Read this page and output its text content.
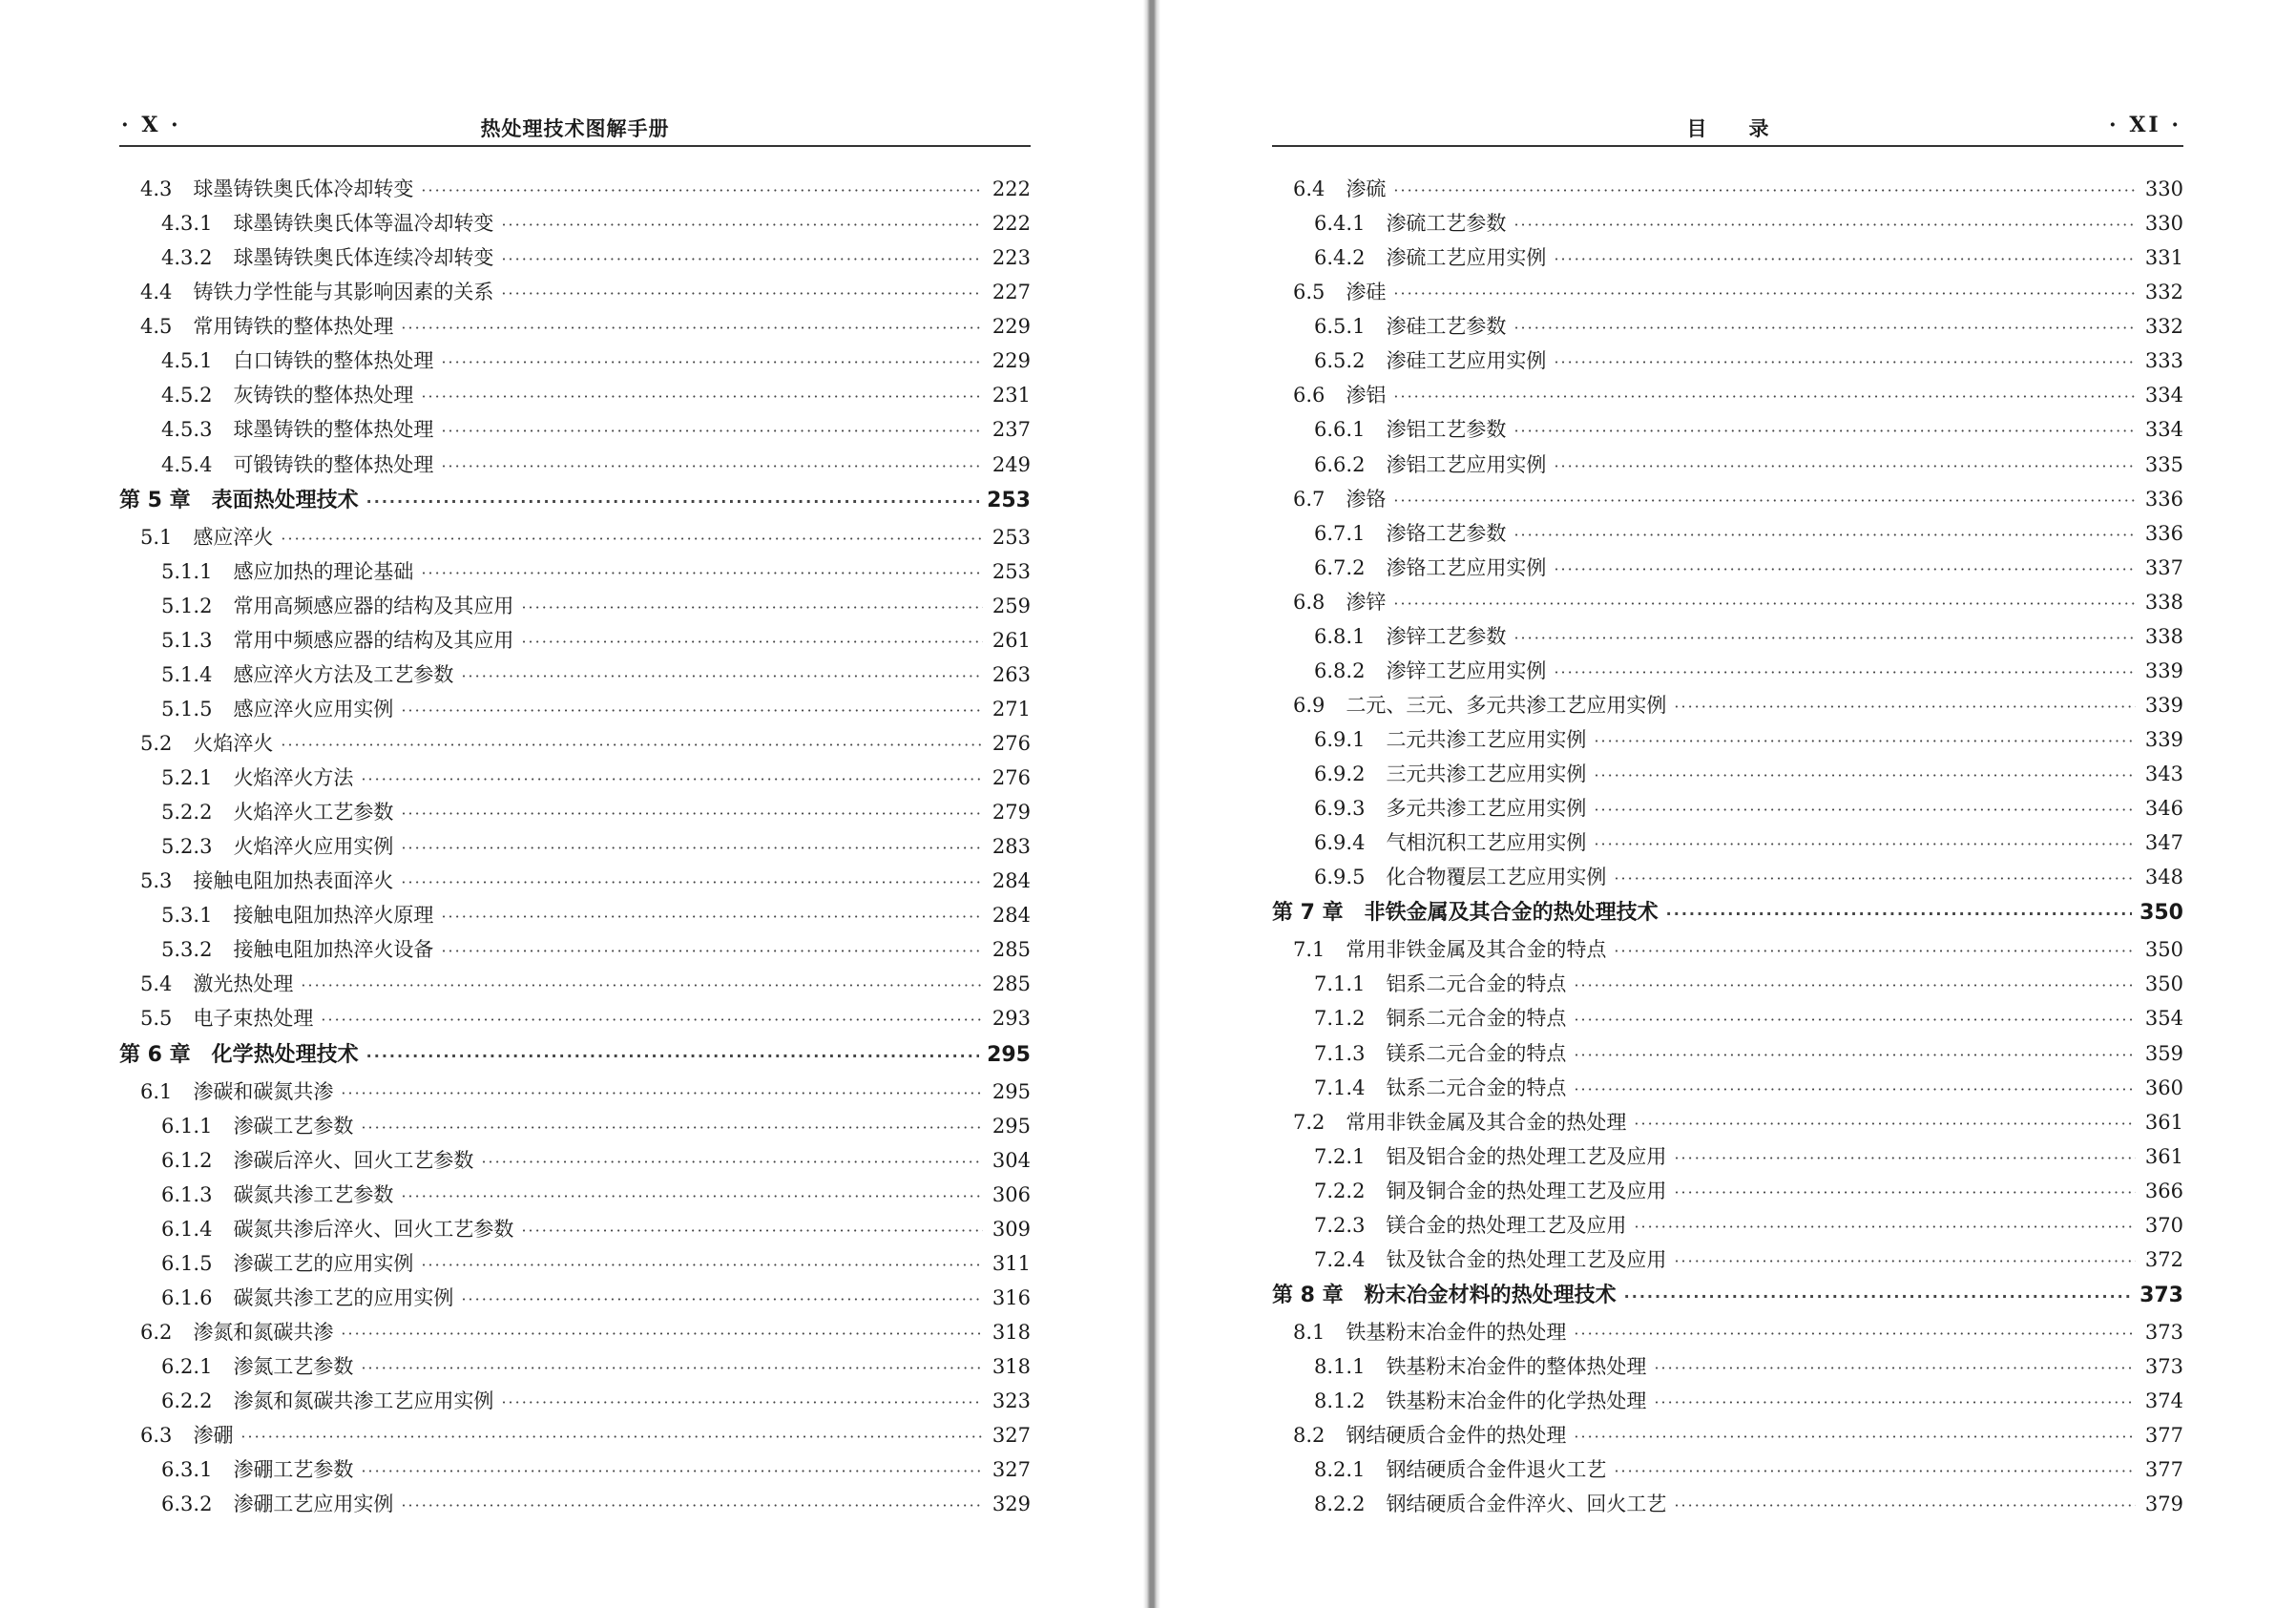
· X ·	热处理技术图解手册
4.3 球墨铸铁奥氏体冷却转变 ·····	222
4.3.1 球墨铸铁奥氏体等温冷却转变 ·····	222
4.3.2 球墨铸铁奥氏体连续冷却转变 ·····	223
4.4 铸铁力学性能与其影响因素的关系 ·····	227
4.5 常用铸铁的整体热处理 ·····	229
4.5.1 白口铸铁的整体热处理 ·····	229
4.5.2 灰铸铁的整体热处理 ·····	231
4.5.3 球墨铸铁的整体热处理 ·····	237
4.5.4 可锻铸铁的整体热处理 ·····	249
第 5 章 表面热处理技术 ·····	253
5.1 感应淬火 ·····	253
5.1.1 感应加热的理论基础 ·····	253
5.1.2 常用高频感应器的结构及其应用 ·····	259
5.1.3 常用中频感应器的结构及其应用 ·····	261
5.1.4 感应淬火方法及工艺参数 ·····	263
5.1.5 感应淬火应用实例 ·····	271
5.2 火焰淬火 ·····	276
5.2.1 火焰淬火方法 ·····	276
5.2.2 火焰淬火工艺参数 ·····	279
5.2.3 火焰淬火应用实例 ·····	283
5.3 接触电阻加热表面淬火 ·····	284
5.3.1 接触电阻加热淬火原理 ·····	284
5.3.2 接触电阻加热淬火设备 ·····	285
5.4 激光热处理 ·····	285
5.5 电子束热处理 ·····	293
第 6 章 化学热处理技术 ·····	295
6.1 渗碳和碳氮共渗 ·····	295
6.1.1 渗碳工艺参数 ·····	295
6.1.2 渗碳后淬火、回火工艺参数 ·····	304
6.1.3 碳氮共渗工艺参数 ·····	306
6.1.4 碳氮共渗后淬火、回火工艺参数 ·····	309
6.1.5 渗碳工艺的应用实例 ·····	311
6.1.6 碳氮共渗工艺的应用实例 ·····	316
6.2 渗氮和氮碳共渗 ·····	318
6.2.1 渗氮工艺参数 ·····	318
6.2.2 渗氮和氮碳共渗工艺应用实例 ·····	323
6.3 渗硼 ·····	327
6.3.1 渗硼工艺参数 ·····	327
6.3.2 渗硼工艺应用实例 ·····	329
目录	· XI ·
6.4 渗硫 ·····	330
6.4.1 渗硫工艺参数 ·····	330
6.4.2 渗硫工艺应用实例 ·····	331
6.5 渗硅 ·····	332
6.5.1 渗硅工艺参数 ·····	332
6.5.2 渗硅工艺应用实例 ·····	333
6.6 渗铝 ·····	334
6.6.1 渗铝工艺参数 ·····	334
6.6.2 渗铝工艺应用实例 ·····	335
6.7 渗铬 ·····	336
6.7.1 渗铬工艺参数 ·····	336
6.7.2 渗铬工艺应用实例 ·····	337
6.8 渗锌 ·····	338
6.8.1 渗锌工艺参数 ·····	338
6.8.2 渗锌工艺应用实例 ·····	339
6.9 二元、三元、多元共渗工艺应用实例 ·····	339
6.9.1 二元共渗工艺应用实例 ·····	339
6.9.2 三元共渗工艺应用实例 ·····	343
6.9.3 多元共渗工艺应用实例 ·····	346
6.9.4 气相沉积工艺应用实例 ·····	347
6.9.5 化合物覆层工艺应用实例 ·····	348
第 7 章 非铁金属及其合金的热处理技术 ·····	350
7.1 常用非铁金属及其合金的特点 ·····	350
7.1.1 铝系二元合金的特点 ·····	350
7.1.2 铜系二元合金的特点 ·····	354
7.1.3 镁系二元合金的特点 ·····	359
7.1.4 钛系二元合金的特点 ·····	360
7.2 常用非铁金属及其合金的热处理 ·····	361
7.2.1 铝及铝合金的热处理工艺及应用 ·····	361
7.2.2 铜及铜合金的热处理工艺及应用 ·····	366
7.2.3 镁合金的热处理工艺及应用 ·····	370
7.2.4 钛及钛合金的热处理工艺及应用 ·····	372
第 8 章 粉末冶金材料的热处理技术 ·····	373
8.1 铁基粉末冶金件的热处理 ·····	373
8.1.1 铁基粉末冶金件的整体热处理 ·····	373
8.1.2 铁基粉末冶金件的化学热处理 ·····	374
8.2 钢结硬质合金件的热处理 ·····	377
8.2.1 钢结硬质合金件退火工艺 ·····	377
8.2.2 钢结硬质合金件淬火、回火工艺 ·····	379
